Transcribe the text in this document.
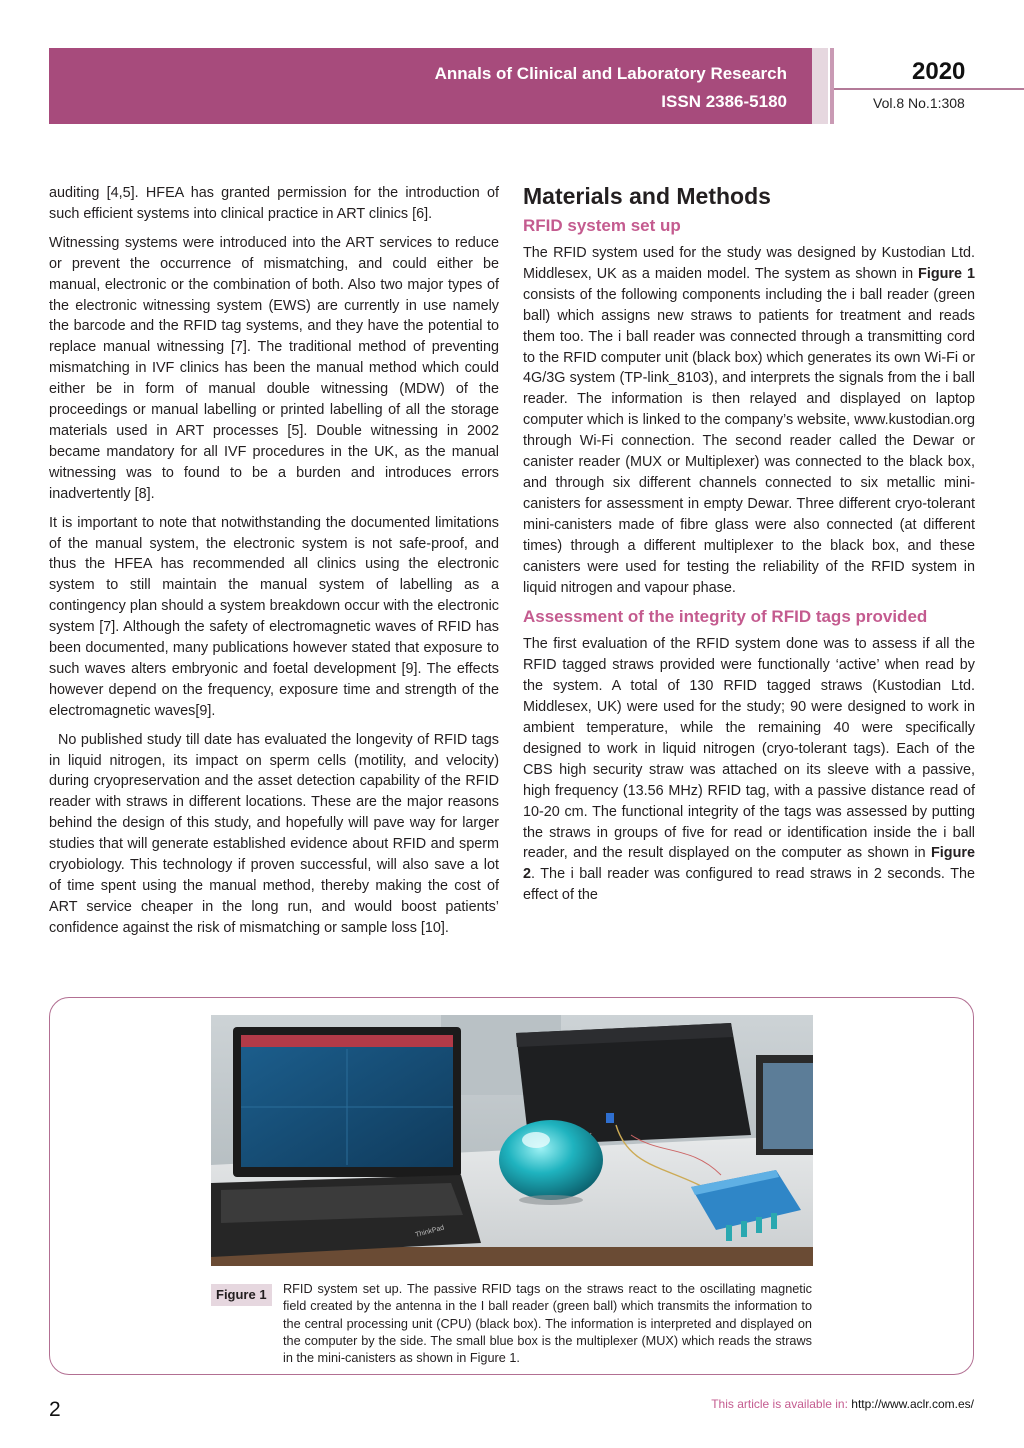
Annals of Clinical and Laboratory Research
ISSN 2386-5180
2020
Vol.8 No.1:308

auditing [4,5]. HFEA has granted permission for the introduction of such efficient systems into clinical practice in ART clinics [6].

Witnessing systems were introduced into the ART services to reduce or prevent the occurrence of mismatching, and could either be manual, electronic or the combination of both. Also two major types of the electronic witnessing system (EWS) are currently in use namely the barcode and the RFID tag systems, and they have the potential to replace manual witnessing [7]. The traditional method of preventing mismatching in IVF clinics has been the manual method which could either be in form of manual double witnessing (MDW) of the proceedings or manual labelling or printed labelling of all the storage materials used in ART processes [5]. Double witnessing in 2002 became mandatory for all IVF procedures in the UK, as the manual witnessing was to found to be a burden and introduces errors inadvertently [8].

It is important to note that notwithstanding the documented limitations of the manual system, the electronic system is not safe-proof, and thus the HFEA has recommended all clinics using the electronic system to still maintain the manual system of labelling as a contingency plan should a system breakdown occur with the electronic system [7]. Although the safety of electromagnetic waves of RFID has been documented, many publications however stated that exposure to such waves alters embryonic and foetal development [9]. The effects however depend on the frequency, exposure time and strength of the electromagnetic waves[9].

No published study till date has evaluated the longevity of RFID tags in liquid nitrogen, its impact on sperm cells (motility, and velocity) during cryopreservation and the asset detection capability of the RFID reader with straws in different locations. These are the major reasons behind the design of this study, and hopefully will pave way for larger studies that will generate established evidence about RFID and sperm cryobiology. This technology if proven successful, will also save a lot of time spent using the manual method, thereby making the cost of ART service cheaper in the long run, and would boost patients’ confidence against the risk of mismatching or sample loss [10].

Materials and Methods
RFID system set up

The RFID system used for the study was designed by Kustodian Ltd. Middlesex, UK as a maiden model. The system as shown in Figure 1 consists of the following components including the i ball reader (green ball) which assigns new straws to patients for treatment and reads them too. The i ball reader was connected through a transmitting cord to the RFID computer unit (black box) which generates its own Wi-Fi or 4G/3G system (TP-link_8103), and interprets the signals from the i ball reader. The information is then relayed and displayed on laptop computer which is linked to the company’s website, www.kustodian.org through Wi-Fi connection. The second reader called the Dewar or canister reader (MUX or Multiplexer) was connected to the black box, and through six different channels connected to six metallic mini-canisters for assessment in empty Dewar. Three different cryo-tolerant mini-canisters made of fibre glass were also connected (at different times) through a different multiplexer to the black box, and these canisters were used for testing the reliability of the RFID system in liquid nitrogen and vapour phase.

Assessment of the integrity of RFID tags provided

The first evaluation of the RFID system done was to assess if all the RFID tagged straws provided were functionally ‘active’ when read by the system. A total of 130 RFID tagged straws (Kustodian Ltd. Middlesex, UK) were used for the study; 90 were designed to work in ambient temperature, while the remaining 40 were specifically designed to work in liquid nitrogen (cryo-tolerant tags). Each of the CBS high security straw was attached on its sleeve with a passive, high frequency (13.56 MHz) RFID tag, with a passive distance read of 10-20 cm. The functional integrity of the tags was assessed by putting the straws in groups of five for read or identification inside the i ball reader, and the result displayed on the computer as shown in Figure 2. The i ball reader was configured to read straws in 2 seconds. The effect of the

ThinkPad
Figure 1	RFID system set up. The passive RFID tags on the straws react to the oscillating magnetic field created by the antenna in the I ball reader (green ball) which transmits the information to the central processing unit (CPU) (black box). The information is interpreted and displayed on the computer by the side. The small blue box is the multiplexer (MUX) which reads the straws in the mini-canisters as shown in Figure 1.
2	This article is available in: http://www.aclr.com.es/
